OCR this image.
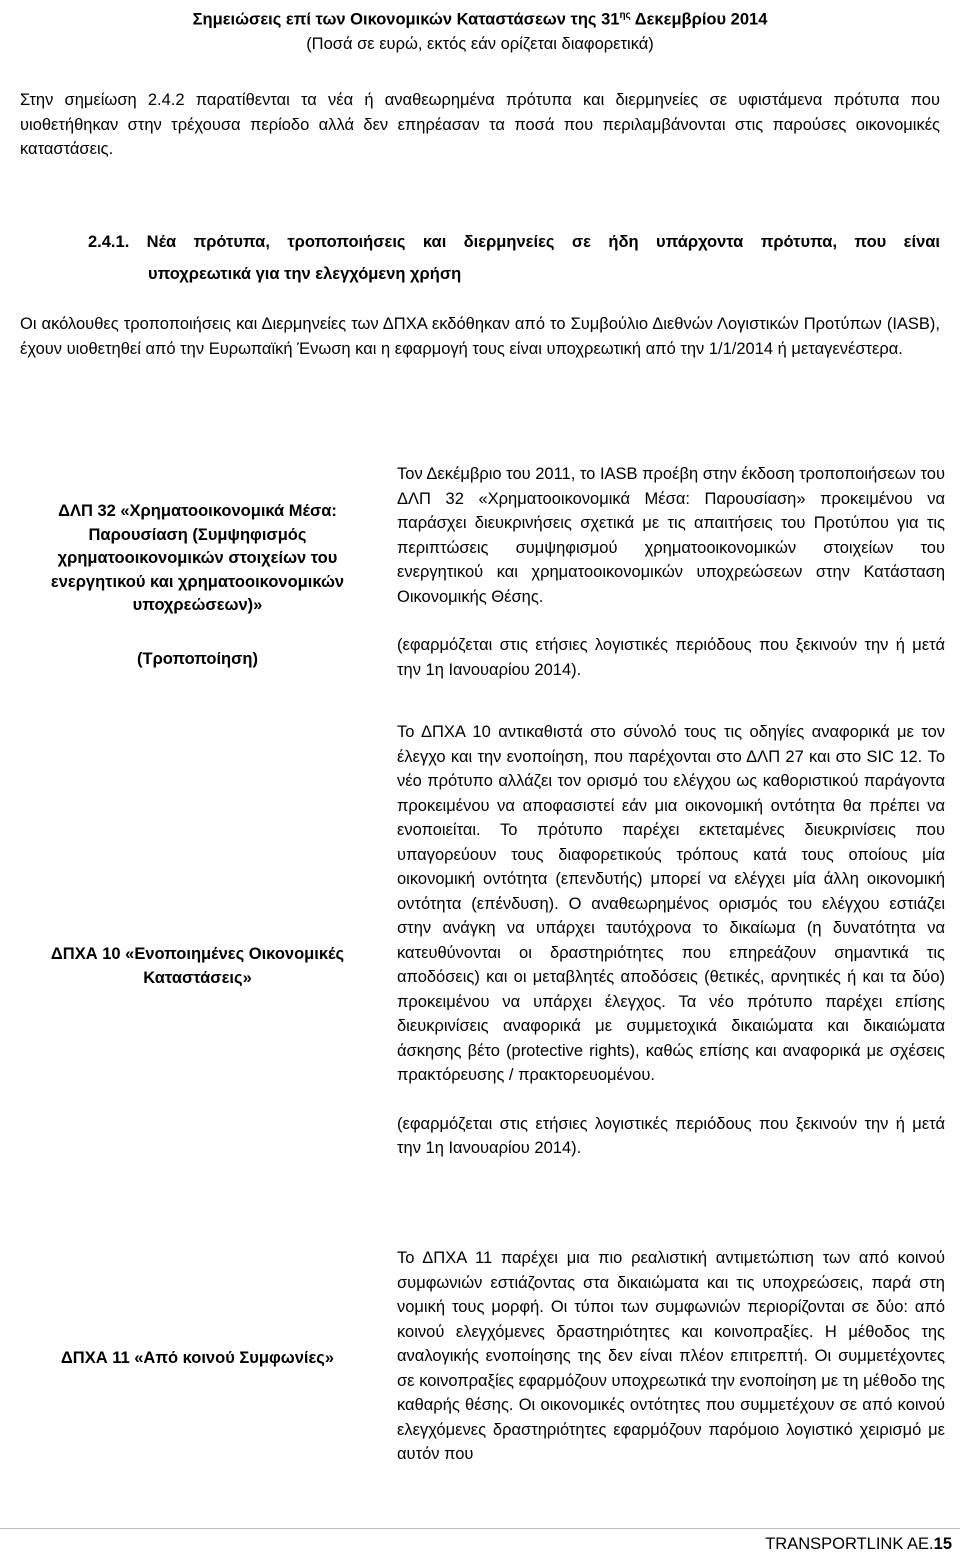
Σημειώσεις επί των Οικονομικών Καταστάσεων της $31^{\eta\varsigma}$ Δεκεμβρίου 2014
(Ποσά σε ευρώ, εκτός εάν ορίζεται διαφορετικά)
Στην σημείωση 2.4.2 παρατίθενται τα νέα ή αναθεωρημένα πρότυπα και διερμηνείες σε υφιστάμενα πρότυπα που υιοθετήθηκαν στην τρέχουσα περίοδο αλλά δεν επηρέασαν τα ποσά που περιλαμβάνονται στις παρούσες οικονομικές καταστάσεις.
2.4.1. Νέα πρότυπα, τροποποιήσεις και διερμηνείες σε ήδη υπάρχοντα πρότυπα, που είναι
υποχρεωτικά για την ελεγχόμενη χρήση
Οι ακόλουθες τροποποιήσεις και Διερμηνείες των ΔΠΧΑ εκδόθηκαν από το Συμβούλιο Διεθνών Λογιστικών Προτύπων (IASB), έχουν υιοθετηθεί από την Ευρωπαϊκή Ένωση και η εφαρμογή τους είναι υποχρεωτική από την 1/1/2014 ή μεταγενέστερα.
ΔΛΠ 32 «Χρηματοοικονομικά Μέσα: Παρουσίαση (Συμψηφισμός χρηματοοικονομικών στοιχείων του ενεργητικού και χρηματοοικονομικών υποχρεώσεων)»
(Τροποποίηση)

Τον Δεκέμβριο του 2011, το IASB προέβη στην έκδοση τροποποιήσεων του ΔΛΠ 32 «Χρηματοοικονομικά Μέσα: Παρουσίαση» προκειμένου να παράσχει διευκρινήσεις σχετικά με τις απαιτήσεις του Προτύπου για τις περιπτώσεις συμψηφισμού χρηματοοικονομικών στοιχείων του ενεργητικού και χρηματοοικονομικών υποχρεώσεων στην Κατάσταση Οικονομικής Θέσης.

(εφαρμόζεται στις ετήσιες λογιστικές περιόδους που ξεκινούν την ή μετά την 1η Ιανουαρίου 2014).

ΔΠΧΑ 10 «Ενοποιημένες Οικονομικές Καταστάσεις»

Το ΔΠΧΑ 10 αντικαθιστά στο σύνολό τους τις οδηγίες αναφορικά με τον έλεγχο και την ενοποίηση, που παρέχονται στο ΔΛΠ 27 και στο SIC 12. Το νέο πρότυπο αλλάζει τον ορισμό του ελέγχου ως καθοριστικού παράγοντα προκειμένου να αποφασιστεί εάν μια οικονομική οντότητα θα πρέπει να ενοποιείται. Το πρότυπο παρέχει εκτεταμένες διευκρινίσεις που υπαγορεύουν τους διαφορετικούς τρόπους κατά τους οποίους μία οικονομική οντότητα (επενδυτής) μπορεί να ελέγχει μία άλλη οικονομική οντότητα (επένδυση). Ο αναθεωρημένος ορισμός του ελέγχου εστιάζει στην ανάγκη να υπάρχει ταυτόχρονα το δικαίωμα (η δυνατότητα να κατευθύνονται οι δραστηριότητες που επηρεάζουν σημαντικά τις αποδόσεις) και οι μεταβλητές αποδόσεις (θετικές, αρνητικές ή και τα δύο) προκειμένου να υπάρχει έλεγχος. Τα νέο πρότυπο παρέχει επίσης διευκρινίσεις αναφορικά με συμμετοχικά δικαιώματα και δικαιώματα άσκησης βέτο (protective rights), καθώς επίσης και αναφορικά με σχέσεις πρακτόρευσης / πρακτορευομένου.

(εφαρμόζεται στις ετήσιες λογιστικές περιόδους που ξεκινούν την ή μετά την 1η Ιανουαρίου 2014).

ΔΠΧΑ 11 «Από κοινού Συμφωνίες»

Το ΔΠΧΑ 11 παρέχει μια πιο ρεαλιστική αντιμετώπιση των από κοινού συμφωνιών εστιάζοντας στα δικαιώματα και τις υποχρεώσεις, παρά στη νομική τους μορφή. Οι τύποι των συμφωνιών περιορίζονται σε δύο: από κοινού ελεγχόμενες δραστηριότητες και κοινοπραξίες. Η μέθοδος της αναλογικής ενοποίησης της δεν είναι πλέον επιτρεπτή. Οι συμμετέχοντες σε κοινοπραξίες εφαρμόζουν υποχρεωτικά την ενοποίηση με τη μέθοδο της καθαρής θέσης. Οι οικονομικές οντότητες που συμμετέχουν σε από κοινού ελεγχόμενες δραστηριότητες εφαρμόζουν παρόμοιο λογιστικό χειρισμό με αυτόν που

TRANSPORTLINK AE.15
